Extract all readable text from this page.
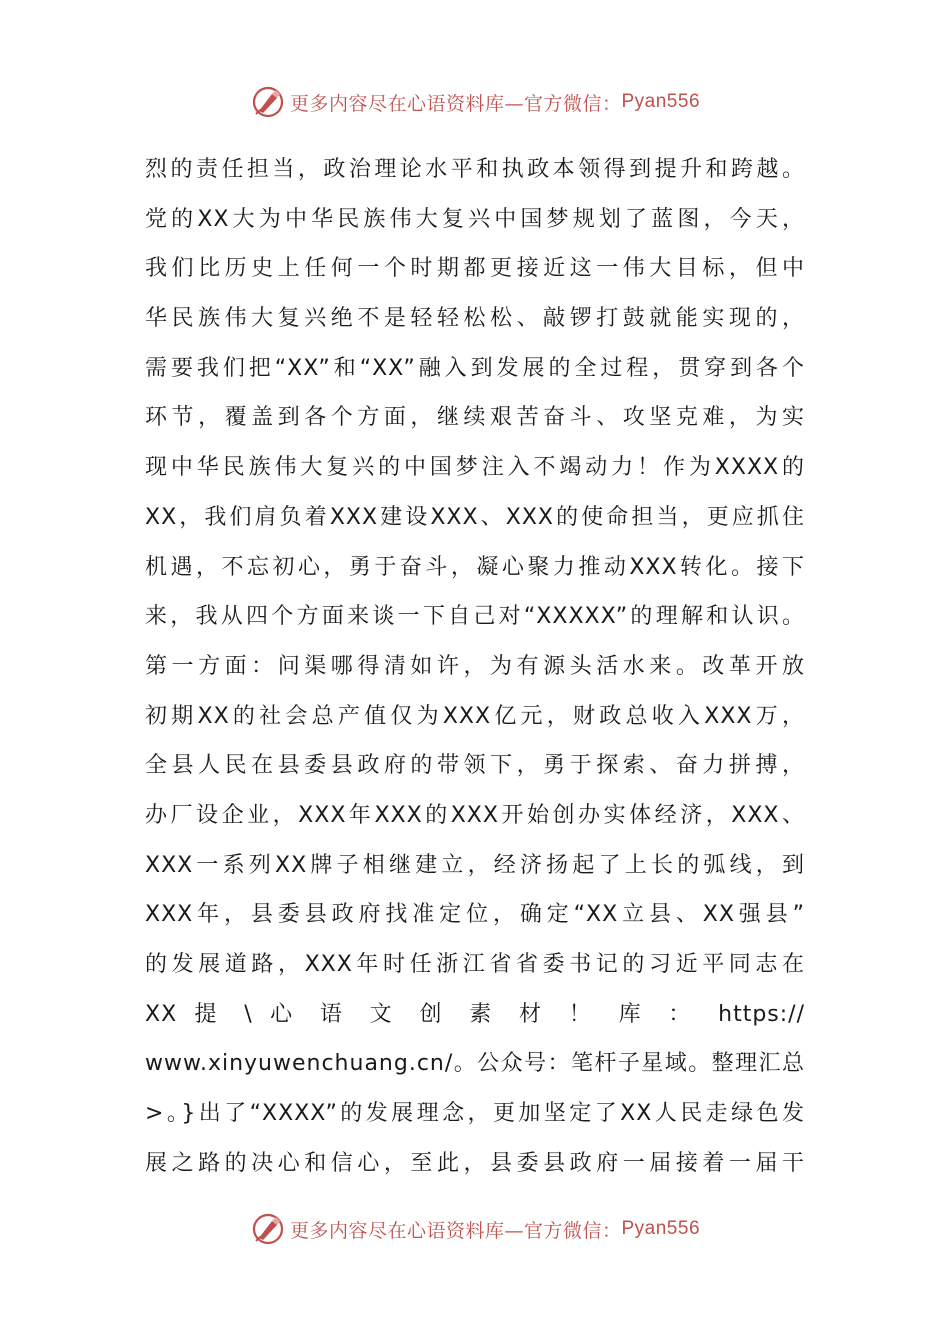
更多内容尽在心语资料库—官方微信： Pyan556
烈的责任担当，政治理论水平和执政本领得到提升和跨越。
党的XX大为中华民族伟大复兴中国梦规划了蓝图，今天，
我们比历史上任何一个时期都更接近这一伟大目标，但中
华民族伟大复兴绝不是轻轻松松、敲锣打鼓就能实现的，
需要我们把“XX”和“XX”融入到发展的全过程，贯穿到各个
环节，覆盖到各个方面，继续艰苦奋斗、攻坚克难，为实
现中华民族伟大复兴的中国梦注入不竭动力！作为XXXX的
XX，我们肩负着XXX建设XXX、XXX的使命担当，更应抓住
机遇，不忘初心，勇于奋斗，凝心聚力推动XXX转化。接下
来，我从四个方面来谈一下自己对“XXXXX”的理解和认识。
第一方面：问渠哪得清如许，为有源头活水来。改革开放
初期XX的社会总产值仅为XXX亿元，财政总收入XXX万，
全县人民在县委县政府的带领下，勇于探索、奋力拼搏，
办厂设企业，XXX年XXX的XXX开始创办实体经济，XXX、
XXX一系列XX牌子相继建立，经济扬起了上长的弧线，到
XXX年，县委县政府找准定位，确定“XX立县、XX强县”
的发展道路，XXX年时任浙江省省委书记的习近平同志在
XX 提 \ 心 语 文 创 素 材 ！ 库 ： https://
www.xinyuwenchuang.cn/。公众号：笔杆子星域。整理汇总
>。}出了“XXXX”的发展理念，更加坚定了XX人民走绿色发
展之路的决心和信心，至此，县委县政府一届接着一届干
更多内容尽在心语资料库—官方微信： Pyan556
